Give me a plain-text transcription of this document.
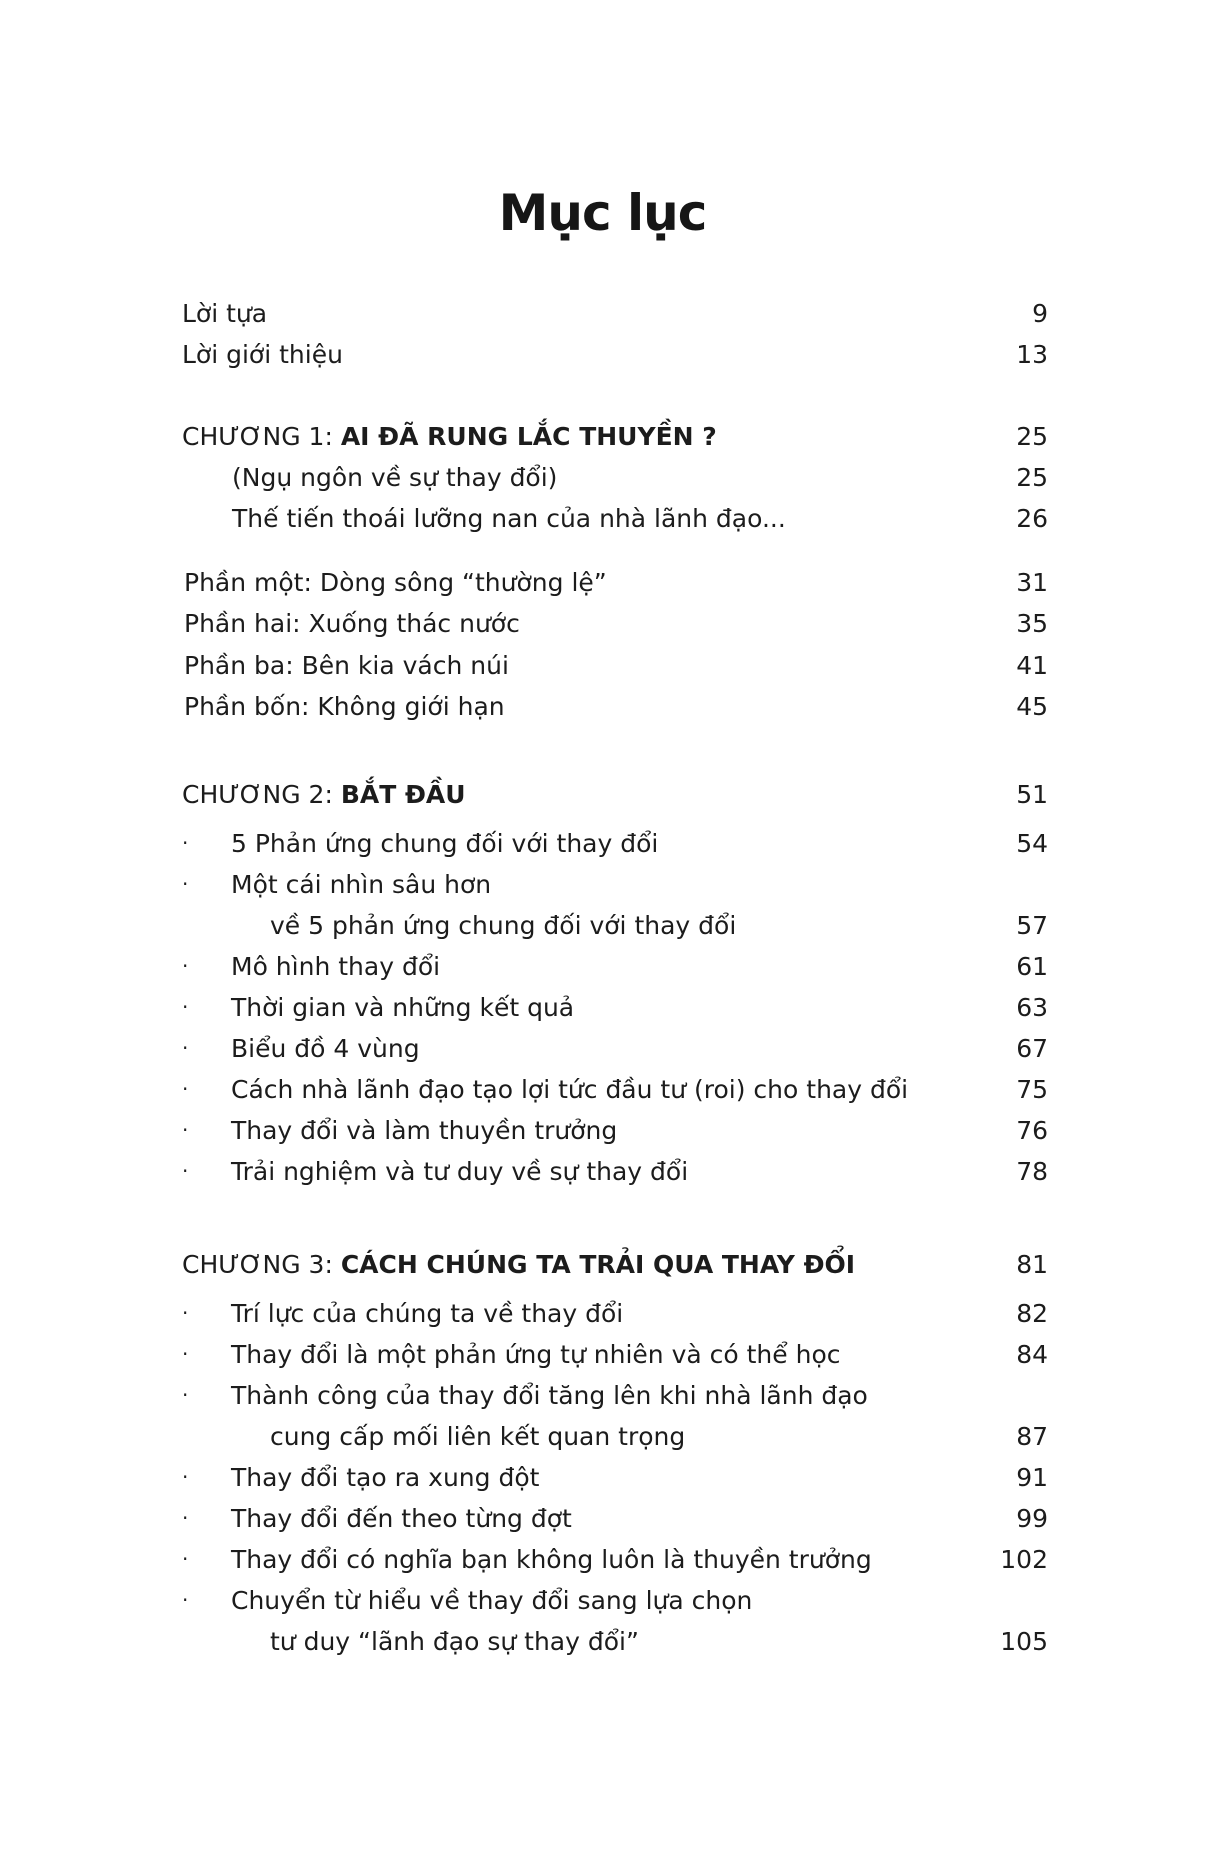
Mục lục
Lời tựa	9
Lời giới thiệu	13
CHƯƠNG 1: AI ĐÃ RUNG LẮC THUYỀN ?	25
(Ngụ ngôn về sự thay đổi)	25
Thế tiến thoái lưỡng nan của nhà lãnh đạo...	26
Phần một: Dòng sông “thường lệ”	31
Phần hai: Xuống thác nước	35
Phần ba: Bên kia vách núi	41
Phần bốn: Không giới hạn	45
CHƯƠNG 2: BẮT ĐẦU	51
· 5 Phản ứng chung đối với thay đổi	54
· Một cái nhìn sâu hơn
về 5 phản ứng chung đối với thay đổi	57
· Mô hình thay đổi	61
· Thời gian và những kết quả	63
· Biểu đồ 4 vùng	67
· Cách nhà lãnh đạo tạo lợi tức đầu tư (roi) cho thay đổi	75
· Thay đổi và làm thuyền trưởng	76
· Trải nghiệm và tư duy về sự thay đổi	78
CHƯƠNG 3: CÁCH CHÚNG TA TRẢI QUA THAY ĐỔI	81
· Trí lực của chúng ta về thay đổi	82
· Thay đổi là một phản ứng tự nhiên và có thể học	84
· Thành công của thay đổi tăng lên khi nhà lãnh đạo
cung cấp mối liên kết quan trọng	87
· Thay đổi tạo ra xung đột	91
· Thay đổi đến theo từng đợt	99
· Thay đổi có nghĩa bạn không luôn là thuyền trưởng	102
· Chuyển từ hiểu về thay đổi sang lựa chọn
tư duy “lãnh đạo sự thay đổi”	105
